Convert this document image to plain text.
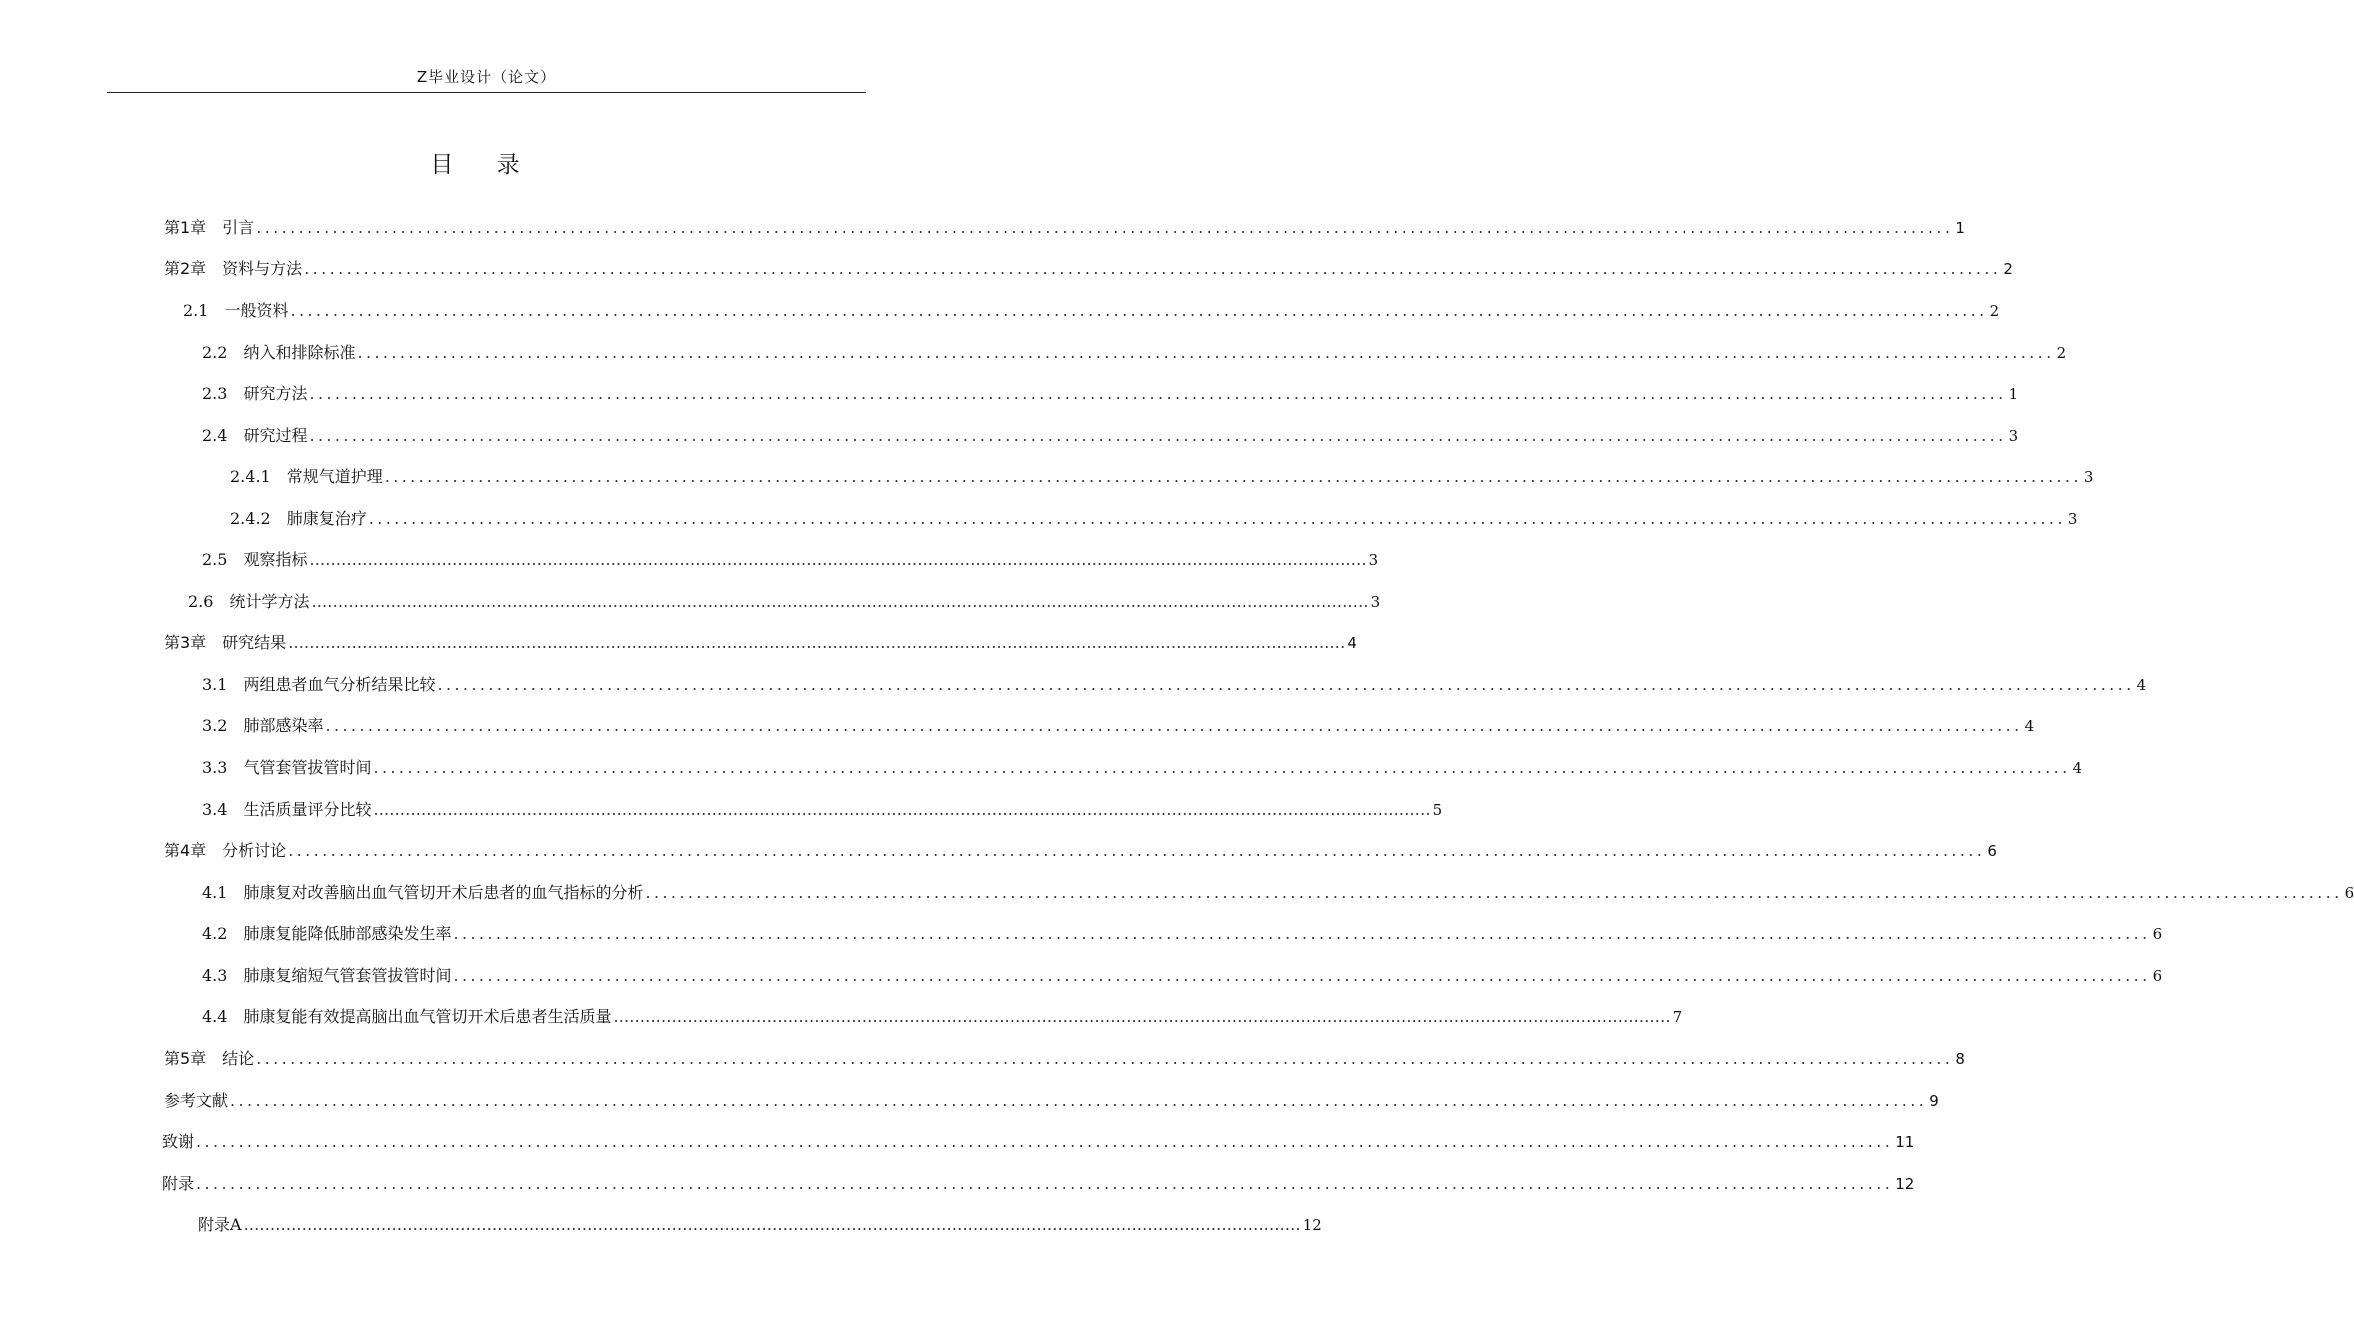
Z毕业设计（论文）
目 录
第1章　引言 ........................................................................................................................................................................................................ 1
第2章　资料与方法 ........................................................................................................................................................................................................ 2
2.1　一般资料 ........................................................................................................................................................................................................ 2
2.2　纳入和排除标准 ........................................................................................................................................................................................................ 2
2.3　研究方法 ........................................................................................................................................................................................................ 1
2.4　研究过程 ........................................................................................................................................................................................................ 3
2.4.1　常规气道护理 ........................................................................................................................................................................................................ 3
2.4.2　肺康复治疗 ........................................................................................................................................................................................................ 3
2.5　观察指标 ........................................................................................................................................................................................................ 3
2.6　统计学方法 ........................................................................................................................................................................................................ 3
第3章　研究结果 ........................................................................................................................................................................................................ 4
3.1　两组患者血气分析结果比较 ........................................................................................................................................................................................................ 4
3.2　肺部感染率 ........................................................................................................................................................................................................ 4
3.3　气管套管拔管时间 ........................................................................................................................................................................................................ 4
3.4　生活质量评分比较 ........................................................................................................................................................................................................ 5
第4章　分析讨论 ........................................................................................................................................................................................................ 6
4.1　肺康复对改善脑出血气管切开术后患者的血气指标的分析 ........................................................................................................................................................................................................ 6
4.2　肺康复能降低肺部感染发生率 ........................................................................................................................................................................................................ 6
4.3　肺康复缩短气管套管拔管时间 ........................................................................................................................................................................................................ 6
4.4　肺康复能有效提高脑出血气管切开术后患者生活质量 ........................................................................................................................................................................................................ 7
第5章　结论 ........................................................................................................................................................................................................ 8
参考文献 ........................................................................................................................................................................................................ 9
致谢 ........................................................................................................................................................................................................ 11
附录 ........................................................................................................................................................................................................ 12
附录A ........................................................................................................................................................................................................ 12
